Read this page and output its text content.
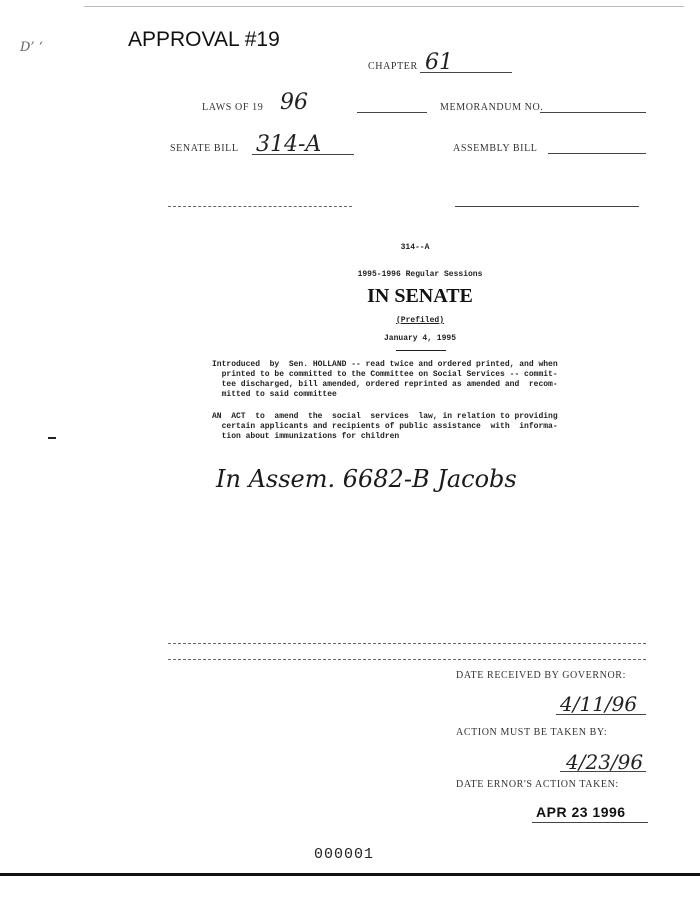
D’ ‘	APPROVAL #19
CHAPTER 61
LAWS OF 19 96	MEMORANDUM NO.
SENATE BILL 314-A	ASSEMBLY BILL
314--A
1995-1996 Regular Sessions
IN SENATE
(Prefiled)
January 4, 1995
Introduced  by  Sen. HOLLAND -- read twice and ordered printed, and when
printed to be committed to the Committee on Social Services -- commit-
tee discharged, bill amended, ordered reprinted as amended and  recom-
mitted to said committee
AN  ACT  to  amend  the  social  services  law, in relation to providing
certain applicants and recipients of public assistance  with  informa-
tion about immunizations for children
In Assem. 6682-B Jacobs
DATE RECEIVED BY GOVERNOR:
4/11/96
ACTION MUST BE TAKEN BY:
4/23/96
DATE ERNOR'S ACTION TAKEN:
APR 23 1996
000001
